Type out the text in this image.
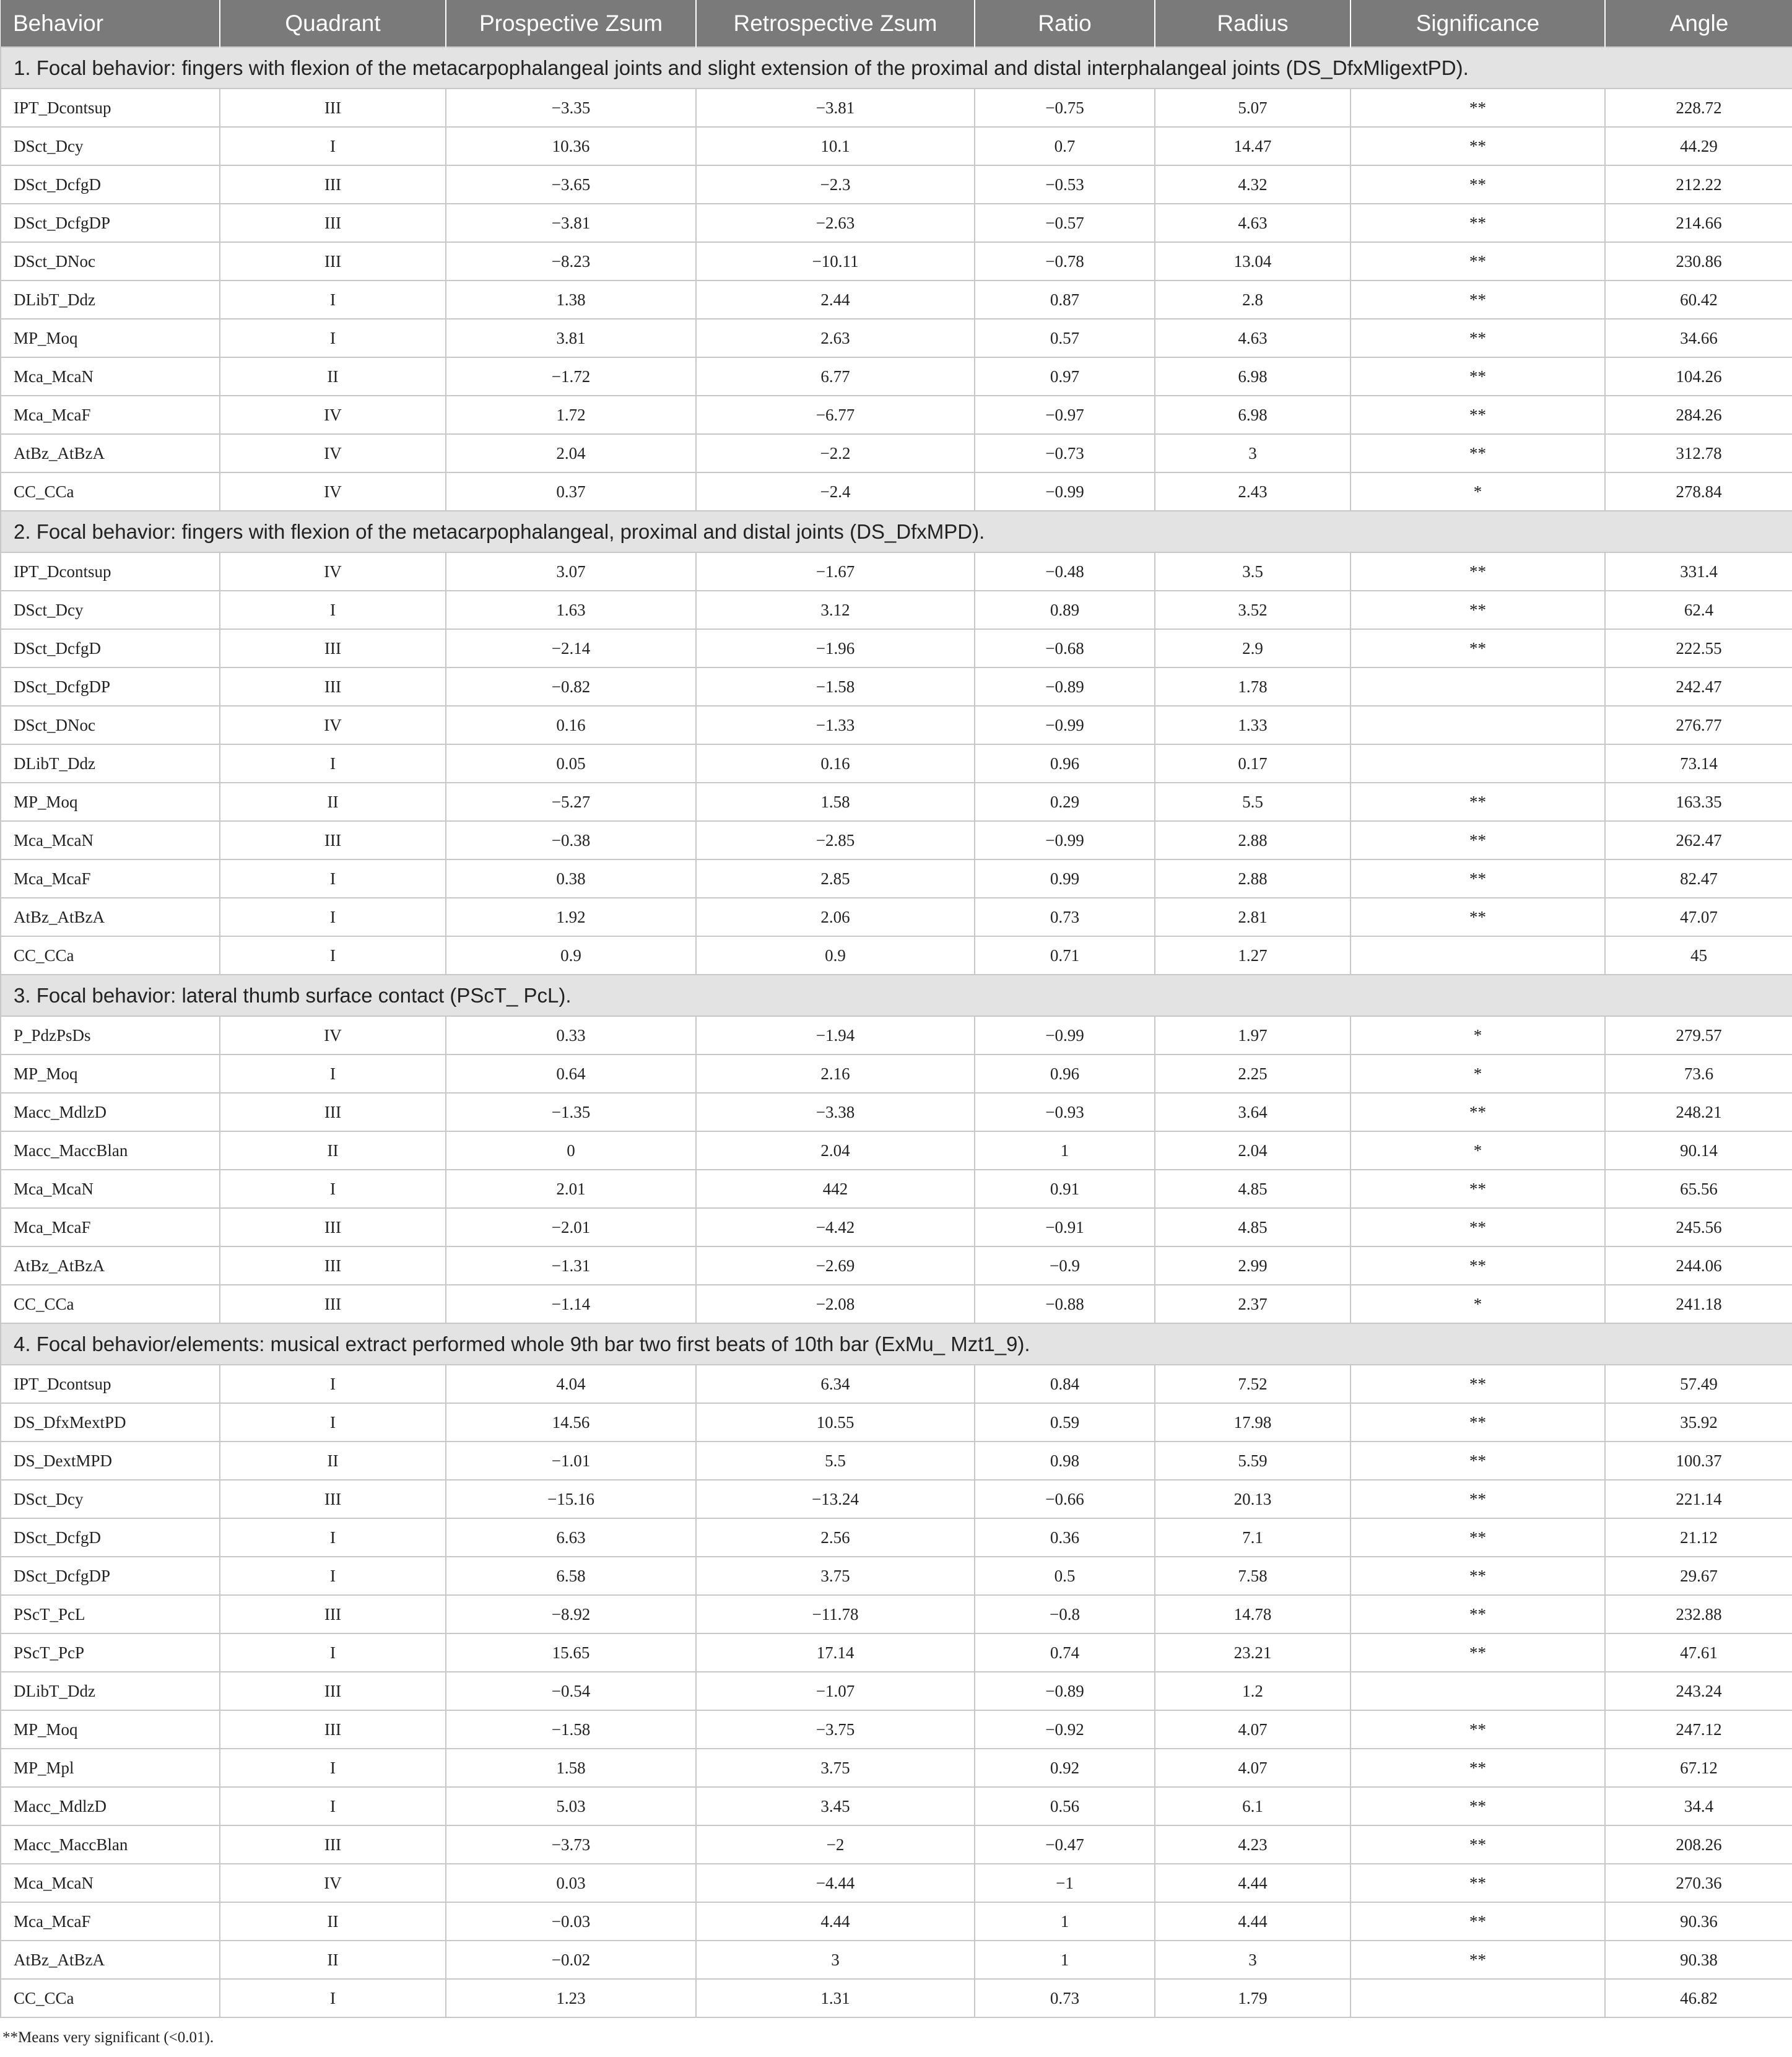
Behavior	Quadrant	Prospective Zsum	Retrospective Zsum	Ratio	Radius	Significance	Angle
1. Focal behavior: fingers with flexion of the metacarpophalangeal joints and slight extension of the proximal and distal interphalangeal joints (DS_DfxMligextPD).							
IPT_Dcontsup	III	−3.35	−3.81	−0.75	5.07	**	228.72
DSct_Dcy	I	10.36	10.1	0.7	14.47	**	44.29
DSct_DcfgD	III	−3.65	−2.3	−0.53	4.32	**	212.22
DSct_DcfgDP	III	−3.81	−2.63	−0.57	4.63	**	214.66
DSct_DNoc	III	−8.23	−10.11	−0.78	13.04	**	230.86
DLibT_Ddz	I	1.38	2.44	0.87	2.8	**	60.42
MP_Moq	I	3.81	2.63	0.57	4.63	**	34.66
Mca_McaN	II	−1.72	6.77	0.97	6.98	**	104.26
Mca_McaF	IV	1.72	−6.77	−0.97	6.98	**	284.26
AtBz_AtBzA	IV	2.04	−2.2	−0.73	3	**	312.78
CC_CCa	IV	0.37	−2.4	−0.99	2.43	*	278.84
2. Focal behavior: fingers with flexion of the metacarpophalangeal, proximal and distal joints (DS_DfxMPD).							
IPT_Dcontsup	IV	3.07	−1.67	−0.48	3.5	**	331.4
DSct_Dcy	I	1.63	3.12	0.89	3.52	**	62.4
DSct_DcfgD	III	−2.14	−1.96	−0.68	2.9	**	222.55
DSct_DcfgDP	III	−0.82	−1.58	−0.89	1.78		242.47
DSct_DNoc	IV	0.16	−1.33	−0.99	1.33		276.77
DLibT_Ddz	I	0.05	0.16	0.96	0.17		73.14
MP_Moq	II	−5.27	1.58	0.29	5.5	**	163.35
Mca_McaN	III	−0.38	−2.85	−0.99	2.88	**	262.47
Mca_McaF	I	0.38	2.85	0.99	2.88	**	82.47
AtBz_AtBzA	I	1.92	2.06	0.73	2.81	**	47.07
CC_CCa	I	0.9	0.9	0.71	1.27		45
3. Focal behavior: lateral thumb surface contact (PScT_ PcL).							
P_PdzPsDs	IV	0.33	−1.94	−0.99	1.97	*	279.57
MP_Moq	I	0.64	2.16	0.96	2.25	*	73.6
Macc_MdlzD	III	−1.35	−3.38	−0.93	3.64	**	248.21
Macc_MaccBlan	II	0	2.04	1	2.04	*	90.14
Mca_McaN	I	2.01	442	0.91	4.85	**	65.56
Mca_McaF	III	−2.01	−4.42	−0.91	4.85	**	245.56
AtBz_AtBzA	III	−1.31	−2.69	−0.9	2.99	**	244.06
CC_CCa	III	−1.14	−2.08	−0.88	2.37	*	241.18
4. Focal behavior/elements: musical extract performed whole 9th bar two first beats of 10th bar (ExMu_ Mzt1_9).							
IPT_Dcontsup	I	4.04	6.34	0.84	7.52	**	57.49
DS_DfxMextPD	I	14.56	10.55	0.59	17.98	**	35.92
DS_DextMPD	II	−1.01	5.5	0.98	5.59	**	100.37
DSct_Dcy	III	−15.16	−13.24	−0.66	20.13	**	221.14
DSct_DcfgD	I	6.63	2.56	0.36	7.1	**	21.12
DSct_DcfgDP	I	6.58	3.75	0.5	7.58	**	29.67
PScT_PcL	III	−8.92	−11.78	−0.8	14.78	**	232.88
PScT_PcP	I	15.65	17.14	0.74	23.21	**	47.61
DLibT_Ddz	III	−0.54	−1.07	−0.89	1.2		243.24
MP_Moq	III	−1.58	−3.75	−0.92	4.07	**	247.12
MP_Mpl	I	1.58	3.75	0.92	4.07	**	67.12
Macc_MdlzD	I	5.03	3.45	0.56	6.1	**	34.4
Macc_MaccBlan	III	−3.73	−2	−0.47	4.23	**	208.26
Mca_McaN	IV	0.03	−4.44	−1	4.44	**	270.36
Mca_McaF	II	−0.03	4.44	1	4.44	**	90.36
AtBz_AtBzA	II	−0.02	3	1	3	**	90.38
CC_CCa	I	1.23	1.31	0.73	1.79		46.82
**Means very significant (<0.01).
